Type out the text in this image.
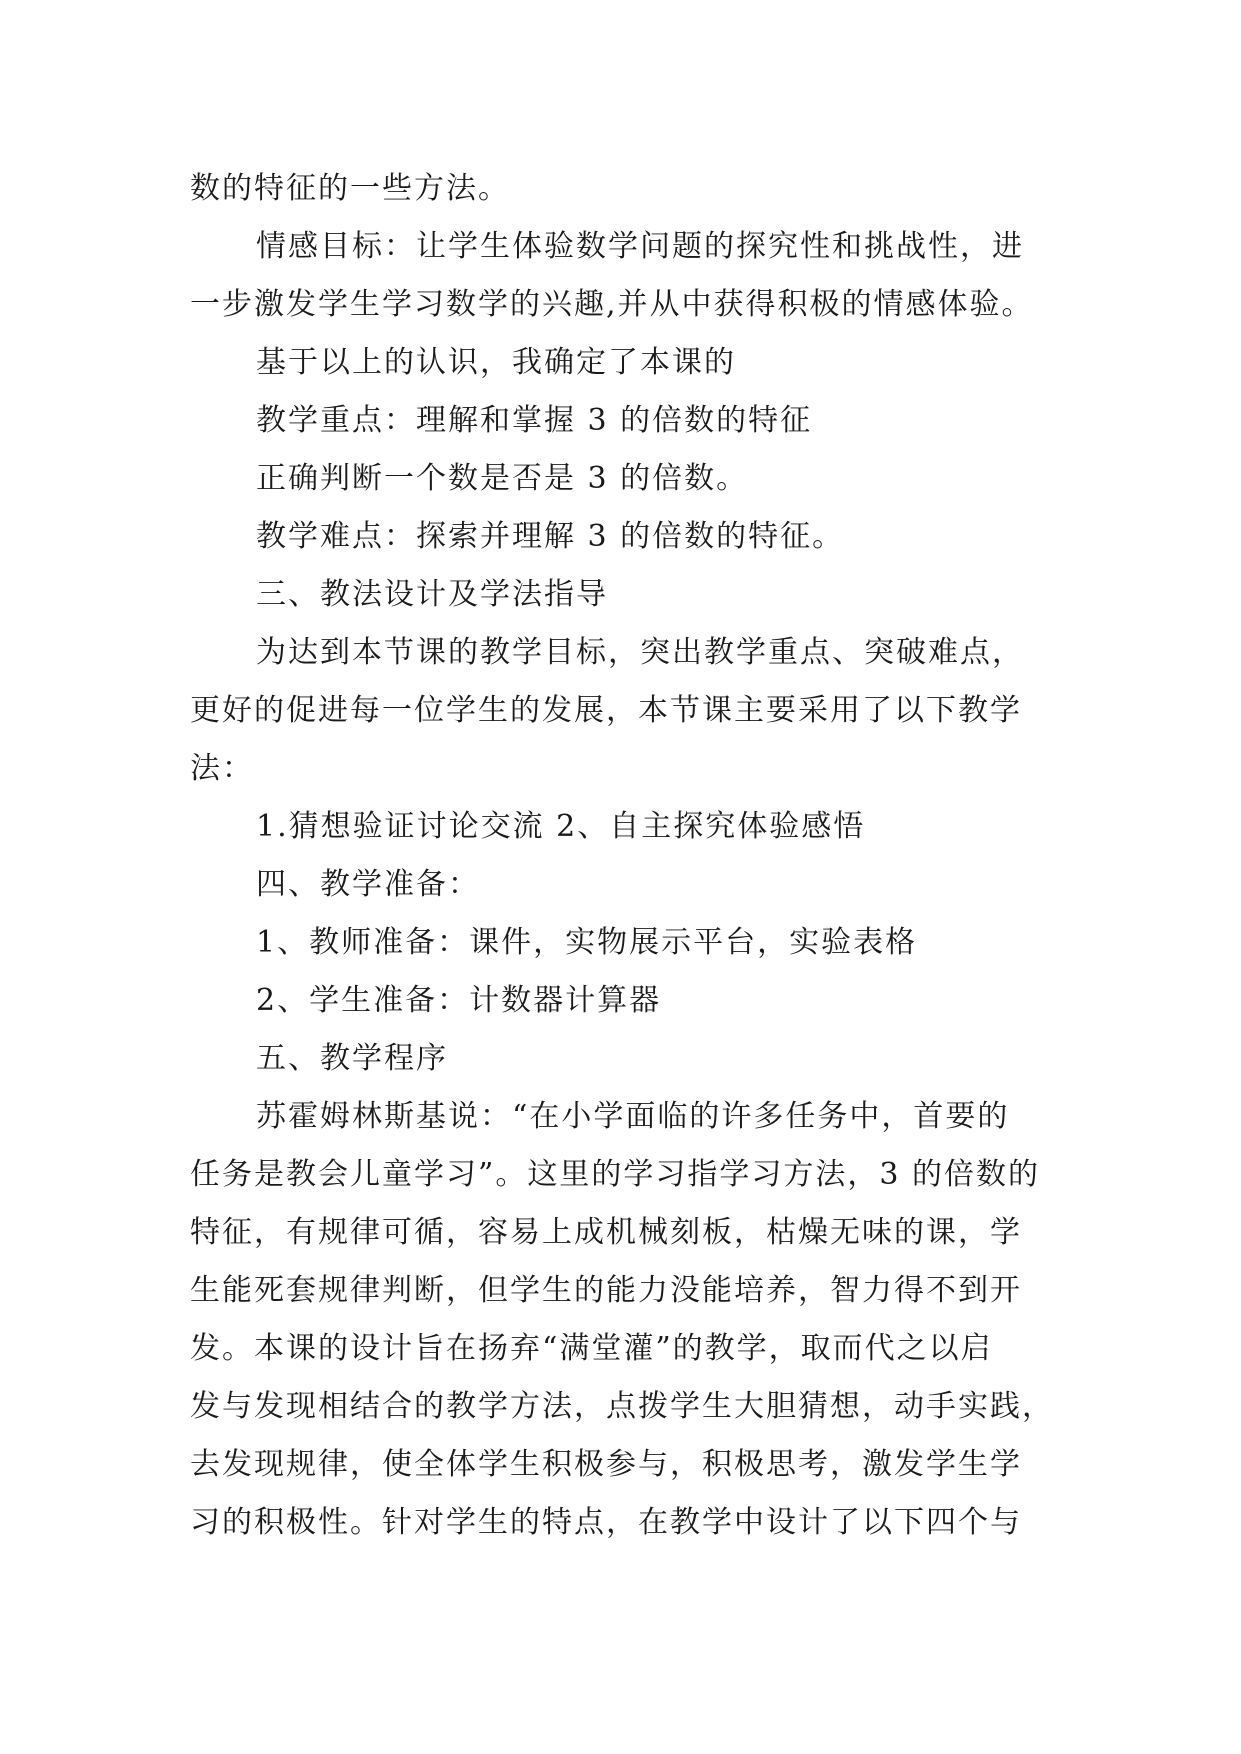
数的特征的一些方法。
情感目标：让学生体验数学问题的探究性和挑战性，进
一步激发学生学习数学的兴趣,并从中获得积极的情感体验。
基于以上的认识，我确定了本课的
教学重点：理解和掌握 3 的倍数的特征
正确判断一个数是否是 3 的倍数。
教学难点：探索并理解 3 的倍数的特征。
三、教法设计及学法指导
为达到本节课的教学目标，突出教学重点、突破难点，
更好的促进每一位学生的发展，本节课主要采用了以下教学
法：
1.猜想验证讨论交流 2、自主探究体验感悟
四、教学准备：
1、教师准备：课件，实物展示平台，实验表格
2、学生准备：计数器计算器
五、教学程序
苏霍姆林斯基说：“在小学面临的许多任务中，首要的
任务是教会儿童学习”。这里的学习指学习方法，3 的倍数的
特征，有规律可循，容易上成机械刻板，枯燥无味的课，学
生能死套规律判断，但学生的能力没能培养，智力得不到开
发。本课的设计旨在扬弃“满堂灌”的教学，取而代之以启
发与发现相结合的教学方法，点拨学生大胆猜想，动手实践，
去发现规律，使全体学生积极参与，积极思考，激发学生学
习的积极性。针对学生的特点，在教学中设计了以下四个与
